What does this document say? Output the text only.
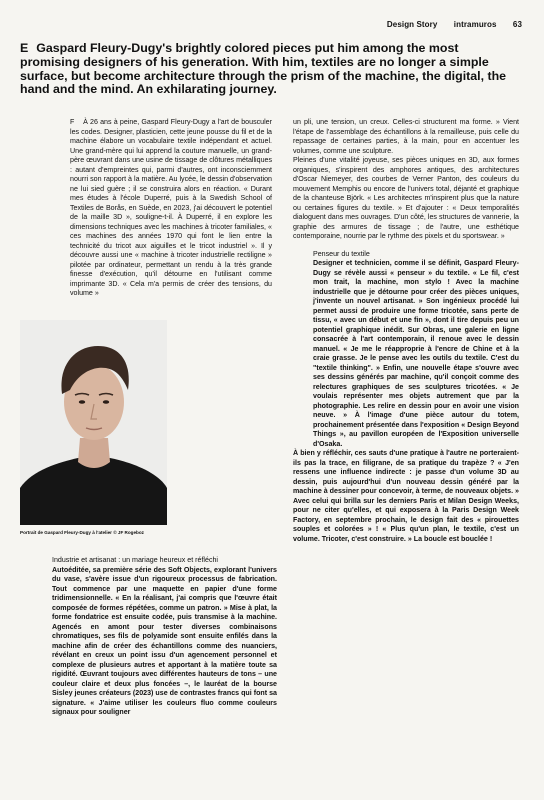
Design Story intramuros 63
E Gaspard Fleury-Dugy's brightly colored pieces put him among the most promising designers of his generation. With him, textiles are no longer a simple surface, but become architecture through the prism of the machine, the digital, the hand and the mind. An exhilarating journey.

F À 26 ans à peine, Gaspard Fleury-Dugy a l'art de bousculer les codes. Designer, plasticien, cette jeune pousse du fil et de la machine élabore un vocabulaire textile indépendant et actuel. Une grand-mère qui lui apprend la couture manuelle, un grand-père œuvrant dans une usine de tissage de clôtures métalliques : autant d'empreintes qui, parmi d'autres, ont inconsciemment nourri son rapport à la matière. Au lycée, le dessin d'observation ne lui sied guère ; il se construira alors en réaction. « Durant mes études à l'école Duperré, puis à la Swedish School of Textiles de Borås, en Suède, en 2023, j'ai découvert le potentiel de la maille 3D », souligne-t-il. À Duperré, il en explore les dimensions techniques avec les machines à tricoter familiales, « ces machines des années 1970 qui font le lien entre la technicité du tricot aux aiguilles et le tricot industriel ». Il y découvre aussi une « machine à tricoter industrielle rectiligne » pilotée par ordinateur, permettant un rendu à la très grande finesse d'exécution, qu'il détourne en l'utilisant comme imprimante 3D. « Cela m'a permis de créer des tensions, du volume »

Portrait de Gaspard Fleury-Dugy à l'atelier © JF Rogeboz

un pli, une tension, un creux. Celles-ci structurent ma forme. » Vient l'étape de l'assemblage des échantillons à la remailleuse, puis celle du repassage de certaines parties, à la main, pour en accentuer les volumes, comme une sculpture.

Pleines d'une vitalité joyeuse, ses pièces uniques en 3D, aux formes organiques, s'inspirent des amphores antiques, des architectures d'Oscar Niemeyer, des courbes de Verner Panton, des couleurs du mouvement Memphis ou encore de l'univers total, déjanté et graphique de la chanteuse Björk. « Les architectes m'inspirent plus que la nature ou certaines figures du textile. » Et d'ajouter : « Deux temporalités dialoguent dans mes ouvrages. D'un côté, les structures de vannerie, la graphie des armures de tissage ; de l'autre, une esthétique contemporaine, nourrie par le rythme des pixels et du sportswear. »

Penseur du textile

Designer et technicien, comme il se définit, Gaspard Fleury-Dugy se révèle aussi « penseur » du textile. « Le fil, c'est mon trait, la machine, mon stylo ! Avec la machine industrielle que je détourne pour créer des pièces uniques, j'invente un nouvel artisanat. » Son ingénieux procédé lui permet aussi de produire une forme tricotée, sans perte de tissu, « avec un début et une fin », dont il tire depuis peu un potentiel graphique inédit. Sur Obras, une galerie en ligne consacrée à l'art contemporain, il renoue avec le dessin manuel. « Je me le réapproprie à l'encre de Chine et à la craie grasse. Je le pense avec les outils du textile. C'est du "textile thinking". » Enfin, une nouvelle étape s'ouvre avec ses dessins générés par machine, qu'il conçoit comme des relectures graphiques de ses sculptures tricotées. « Je voulais représenter mes objets autrement que par la photographie. Les relire en dessin pour en avoir une vision neuve. » À l'image d'une pièce autour du totem, prochainement présentée dans l'exposition « Design Beyond Things », au pavillon européen de l'Exposition universelle d'Osaka.

À bien y réfléchir, ces sauts d'une pratique à l'autre ne porteraient-ils pas la trace, en filigrane, de sa pratique du trapèze ? « J'en ressens une influence indirecte : je passe d'un volume 3D au dessin, puis aujourd'hui d'un nouveau dessin généré par la machine à dessiner pour concevoir, à terme, de nouveaux objets. » Avec celui qui brilla sur les derniers Paris et Milan Design Weeks, pour ne citer qu'elles, et qui exposera à la Paris Design Week Factory, en septembre prochain, le design fait des « pirouettes souples et colorées » ! « Plus qu'un plan, le textile, c'est un volume. Tricoter, c'est construire. » La boucle est bouclée !

Industrie et artisanat : un mariage heureux et réfléchi

Autoéditée, sa première série des Soft Objects, explorant l'univers du vase, s'avère issue d'un rigoureux processus de fabrication. Tout commence par une maquette en papier d'une forme tridimensionnelle. « En la réalisant, j'ai compris que l'œuvre était composée de formes répétées, comme un patron. » Mise à plat, la forme fondatrice est ensuite codée, puis transmise à la machine. Agencés en amont pour tester diverses combinaisons chromatiques, ses fils de polyamide sont ensuite enfilés dans la machine afin de créer des échantillons comme des nuanciers, révélant en creux un point issu d'un agencement personnel et complexe de plusieurs autres et apportant à la matière toute sa rigidité. Œuvrant toujours avec différentes hauteurs de tons – une couleur claire et deux plus foncées –, le lauréat de la bourse Sisley jeunes créateurs (2023) use de contrastes francs qui font sa signature. « J'aime utiliser les couleurs fluo comme couleurs signaux pour souligner
